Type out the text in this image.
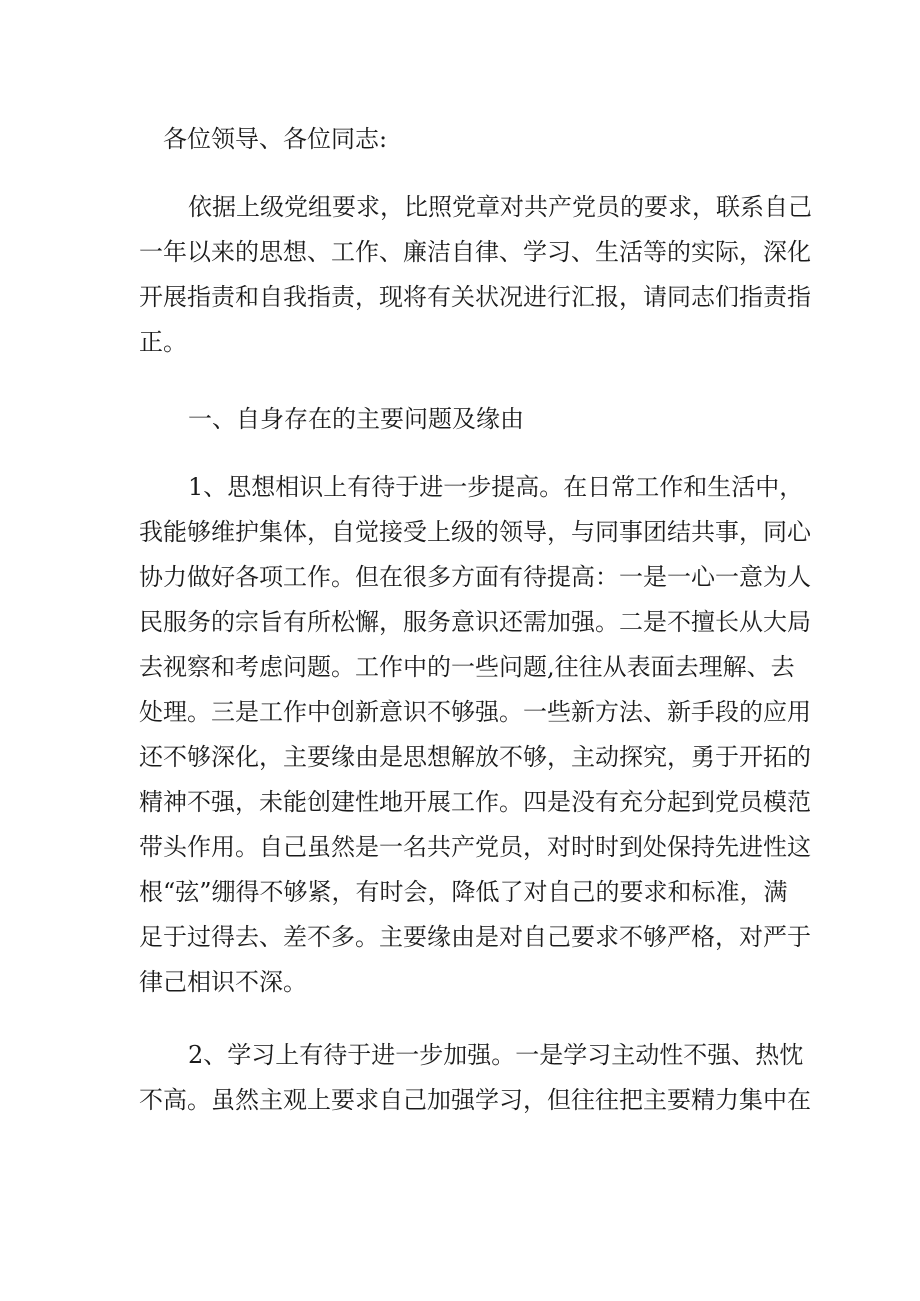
各位领导、各位同志:
依据上级党组要求，比照党章对共产党员的要求，联系自己
一年以来的思想、工作、廉洁自律、学习、生活等的实际，深化
开展指责和自我指责，现将有关状况进行汇报，请同志们指责指
正。
一、自身存在的主要问题及缘由
1、思想相识上有待于进一步提高。在日常工作和生活中，
我能够维护集体，自觉接受上级的领导，与同事团结共事，同心
协力做好各项工作。但在很多方面有待提高：一是一心一意为人
民服务的宗旨有所松懈，服务意识还需加强。二是不擅长从大局
去视察和考虑问题。工作中的一些问题,往往从表面去理解、去
处理。三是工作中创新意识不够强。一些新方法、新手段的应用
还不够深化，主要缘由是思想解放不够，主动探究，勇于开拓的
精神不强，未能创建性地开展工作。四是没有充分起到党员模范
带头作用。自己虽然是一名共产党员，对时时到处保持先进性这
根“弦”绷得不够紧，有时会，降低了对自己的要求和标准，满
足于过得去、差不多。主要缘由是对自己要求不够严格，对严于
律己相识不深。
2、学习上有待于进一步加强。一是学习主动性不强、热忱
不高。虽然主观上要求自己加强学习，但往往把主要精力集中在
